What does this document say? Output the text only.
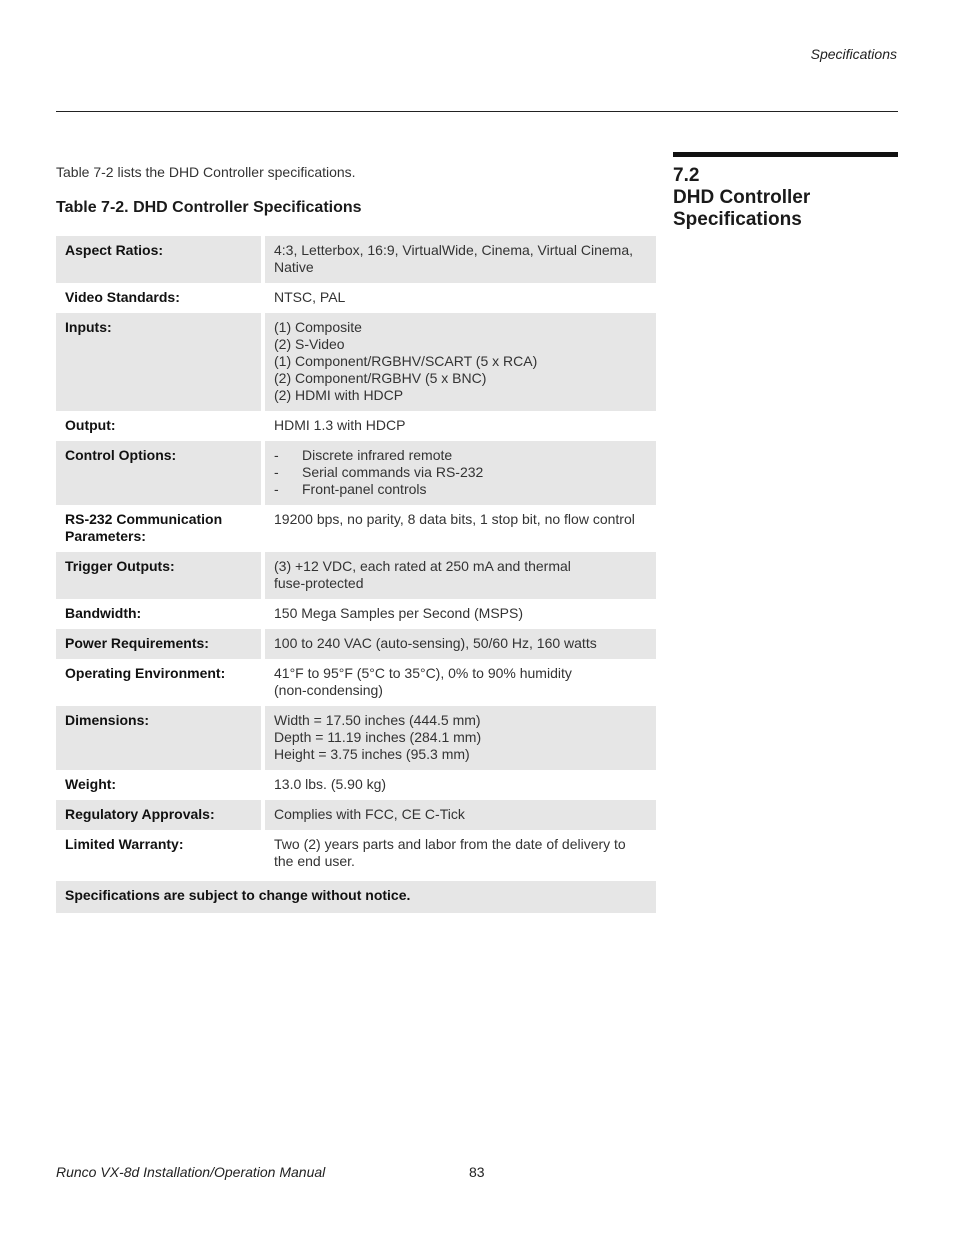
Specifications
7.2
DHD Controller
Specifications
Table 7-2 lists the DHD Controller specifications.
Table 7-2. DHD Controller Specifications
Aspect Ratios:	4:3, Letterbox, 16:9, VirtualWide, Cinema, Virtual Cinema, Native

Video Standards:	NTSC, PAL

Inputs:	(1) Composite
(2) S-Video
(1) Component/RGBHV/SCART (5 x RCA)
(2) Component/RGBHV (5 x BNC)
(2) HDMI with HDCP

Output:	HDMI 1.3 with HDCP

Control Options:	- Discrete infrared remote
- Serial commands via RS-232
- Front-panel controls

RS-232 Communication Parameters:	19200 bps, no parity, 8 data bits, 1 stop bit, no flow control

Trigger Outputs:	(3) +12 VDC, each rated at 250 mA and thermal
fuse-protected

Bandwidth:	150 Mega Samples per Second (MSPS)

Power Requirements:	100 to 240 VAC (auto-sensing), 50/60 Hz, 160 watts

Operating Environment:	41°F to 95°F (5°C to 35°C), 0% to 90% humidity
(non-condensing)

Dimensions:	Width = 17.50 inches (444.5 mm)
Depth = 11.19 inches (284.1 mm)
Height = 3.75 inches (95.3 mm)

Weight:	13.0 lbs. (5.90 kg)

Regulatory Approvals:	Complies with FCC, CE C-Tick

Limited Warranty:	Two (2) years parts and labor from the date of delivery to the end user.

Specifications are subject to change without notice.	
Runco VX-8d Installation/Operation Manual	83
